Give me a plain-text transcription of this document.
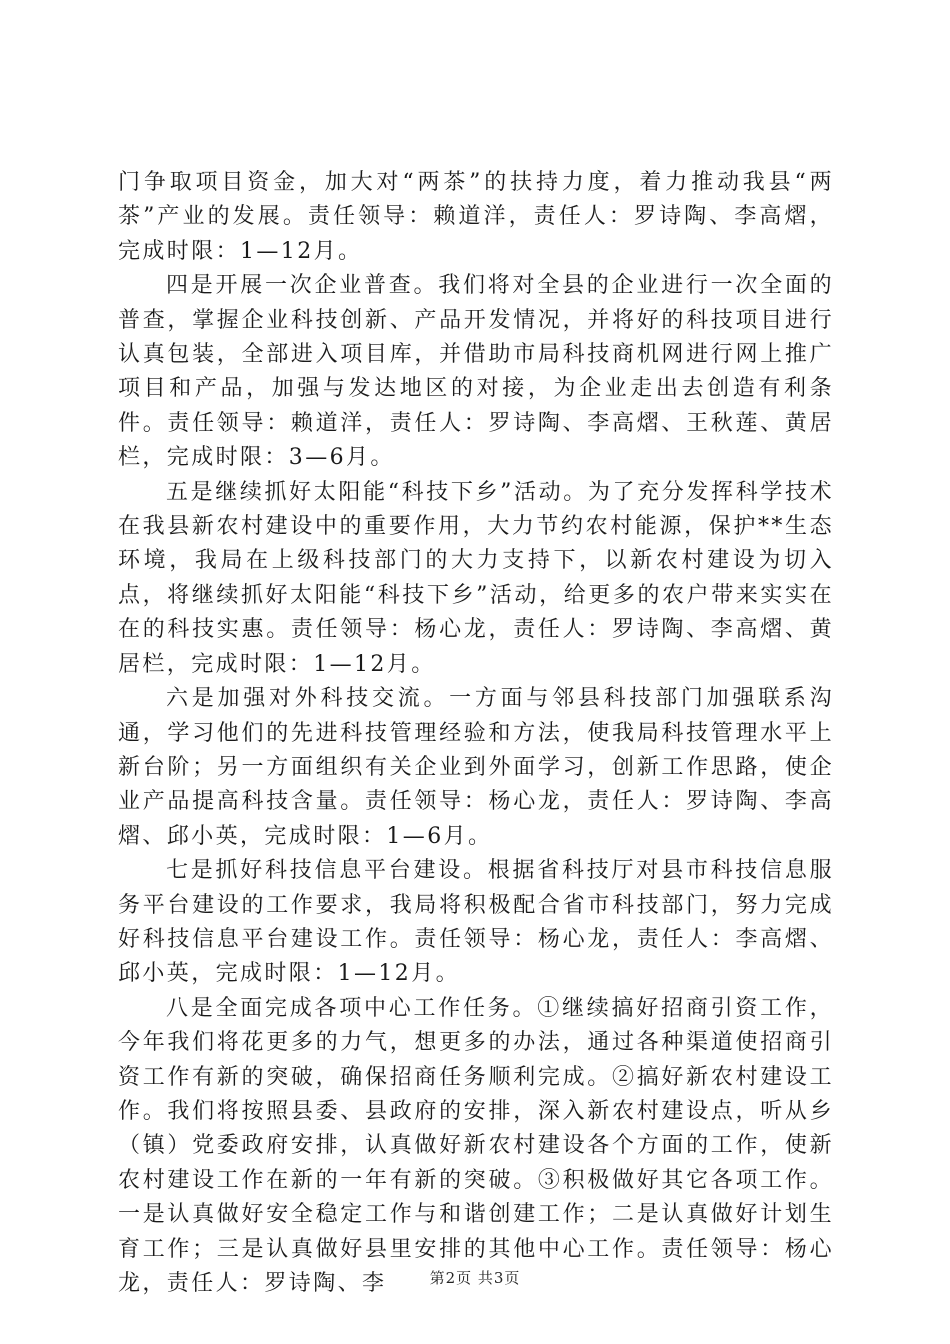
门争取项目资金，加大对“两茶”的扶持力度，着力推动我县“两茶”产业的发展。责任领导：赖道洋，责任人：罗诗陶、李高熠，完成时限：1—12月。

四是开展一次企业普查。我们将对全县的企业进行一次全面的普查，掌握企业科技创新、产品开发情况，并将好的科技项目进行认真包装，全部进入项目库，并借助市局科技商机网进行网上推广项目和产品，加强与发达地区的对接，为企业走出去创造有利条件。责任领导：赖道洋，责任人：罗诗陶、李高熠、王秋莲、黄居栏，完成时限：3—6月。

五是继续抓好太阳能“科技下乡”活动。为了充分发挥科学技术在我县新农村建设中的重要作用，大力节约农村能源，保护**生态环境，我局在上级科技部门的大力支持下，以新农村建设为切入点，将继续抓好太阳能“科技下乡”活动，给更多的农户带来实实在在的科技实惠。责任领导：杨心龙，责任人：罗诗陶、李高熠、黄居栏，完成时限：1—12月。

六是加强对外科技交流。一方面与邻县科技部门加强联系沟通，学习他们的先进科技管理经验和方法，使我局科技管理水平上新台阶；另一方面组织有关企业到外面学习，创新工作思路，使企业产品提高科技含量。责任领导：杨心龙，责任人：罗诗陶、李高熠、邱小英，完成时限：1—6月。

七是抓好科技信息平台建设。根据省科技厅对县市科技信息服务平台建设的工作要求，我局将积极配合省市科技部门，努力完成好科技信息平台建设工作。责任领导：杨心龙，责任人：李高熠、邱小英，完成时限：1—12月。

八是全面完成各项中心工作任务。①继续搞好招商引资工作，今年我们将花更多的力气，想更多的办法，通过各种渠道使招商引资工作有新的突破，确保招商任务顺利完成。②搞好新农村建设工作。我们将按照县委、县政府的安排，深入新农村建设点，听从乡（镇）党委政府安排，认真做好新农村建设各个方面的工作，使新农村建设工作在新的一年有新的突破。③积极做好其它各项工作。一是认真做好安全稳定工作与和谐创建工作；二是认真做好计划生育工作；三是认真做好县里安排的其他中心工作。责任领导：杨心龙，责任人：罗诗陶、李	第2页 共3页
